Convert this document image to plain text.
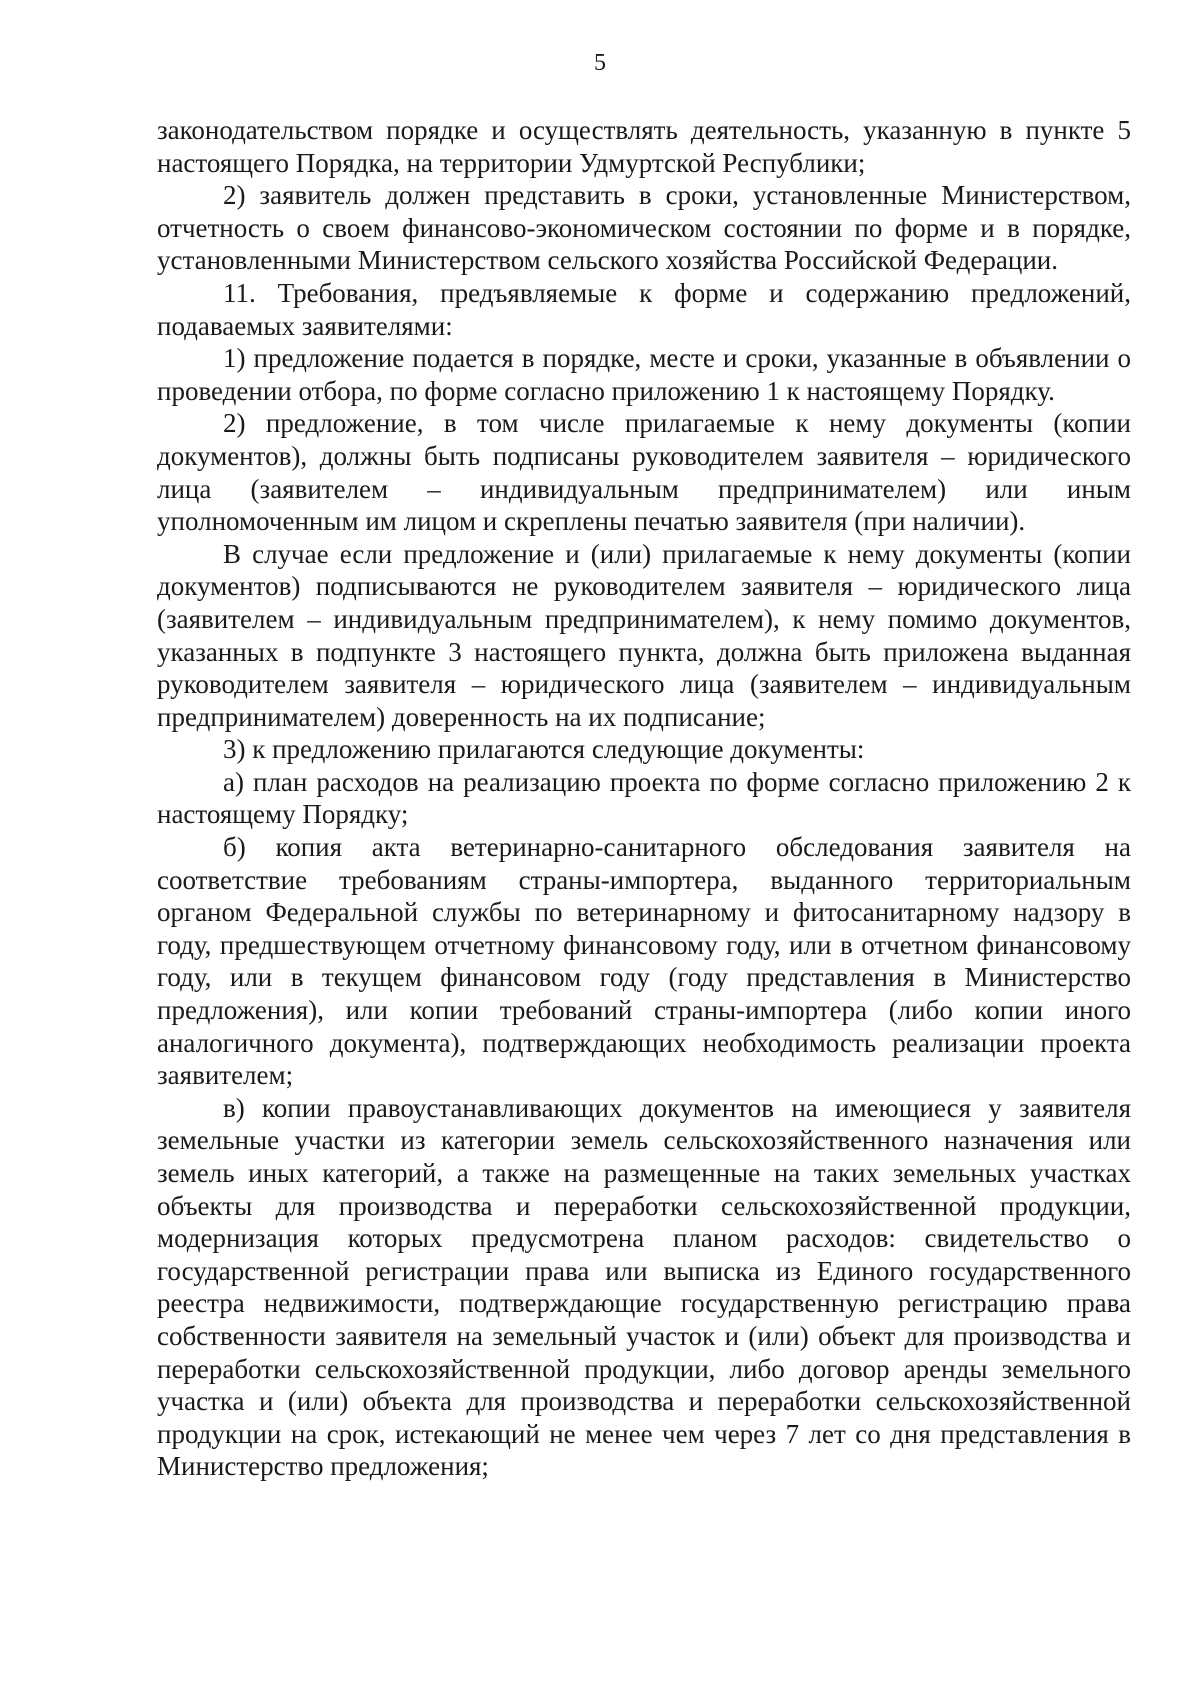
5

законодательством порядке и осуществлять деятельность, указанную в пункте 5 настоящего Порядка, на территории Удмуртской Республики;

2) заявитель должен представить в сроки, установленные Министерством, отчетность о своем финансово-экономическом состоянии по форме и в порядке, установленными Министерством сельского хозяйства Российской Федерации.

11. Требования, предъявляемые к форме и содержанию предложений, подаваемых заявителями:

1) предложение подается в порядке, месте и сроки, указанные в объявлении о проведении отбора, по форме согласно приложению 1 к настоящему Порядку.

2) предложение, в том числе прилагаемые к нему документы (копии документов), должны быть подписаны руководителем заявителя – юридического лица (заявителем – индивидуальным предпринимателем) или иным уполномоченным им лицом и скреплены печатью заявителя (при наличии).

В случае если предложение и (или) прилагаемые к нему документы (копии документов) подписываются не руководителем заявителя – юридического лица (заявителем – индивидуальным предпринимателем), к нему помимо документов, указанных в подпункте 3 настоящего пункта, должна быть приложена выданная руководителем заявителя – юридического лица (заявителем – индивидуальным предпринимателем) доверенность на их подписание;

3) к предложению прилагаются следующие документы:

а) план расходов на реализацию проекта по форме согласно приложению 2 к настоящему Порядку;

б) копия акта ветеринарно-санитарного обследования заявителя на соответствие требованиям страны-импортера, выданного территориальным органом Федеральной службы по ветеринарному и фитосанитарному надзору в году, предшествующем отчетному финансовому году, или в отчетном финансовому году, или в текущем финансовом году (году представления в Министерство предложения), или копии требований страны-импортера (либо копии иного аналогичного документа), подтверждающих необходимость реализации проекта заявителем;

в) копии правоустанавливающих документов на имеющиеся у заявителя земельные участки из категории земель сельскохозяйственного назначения или земель иных категорий, а также на размещенные на таких земельных участках объекты для производства и переработки сельскохозяйственной продукции, модернизация которых предусмотрена планом расходов: свидетельство о государственной регистрации права или выписка из Единого государственного реестра недвижимости, подтверждающие государственную регистрацию права собственности заявителя на земельный участок и (или) объект для производства и переработки сельскохозяйственной продукции, либо договор аренды земельного участка и (или) объекта для производства и переработки сельскохозяйственной продукции на срок, истекающий не менее чем через 7 лет со дня представления в Министерство предложения;
